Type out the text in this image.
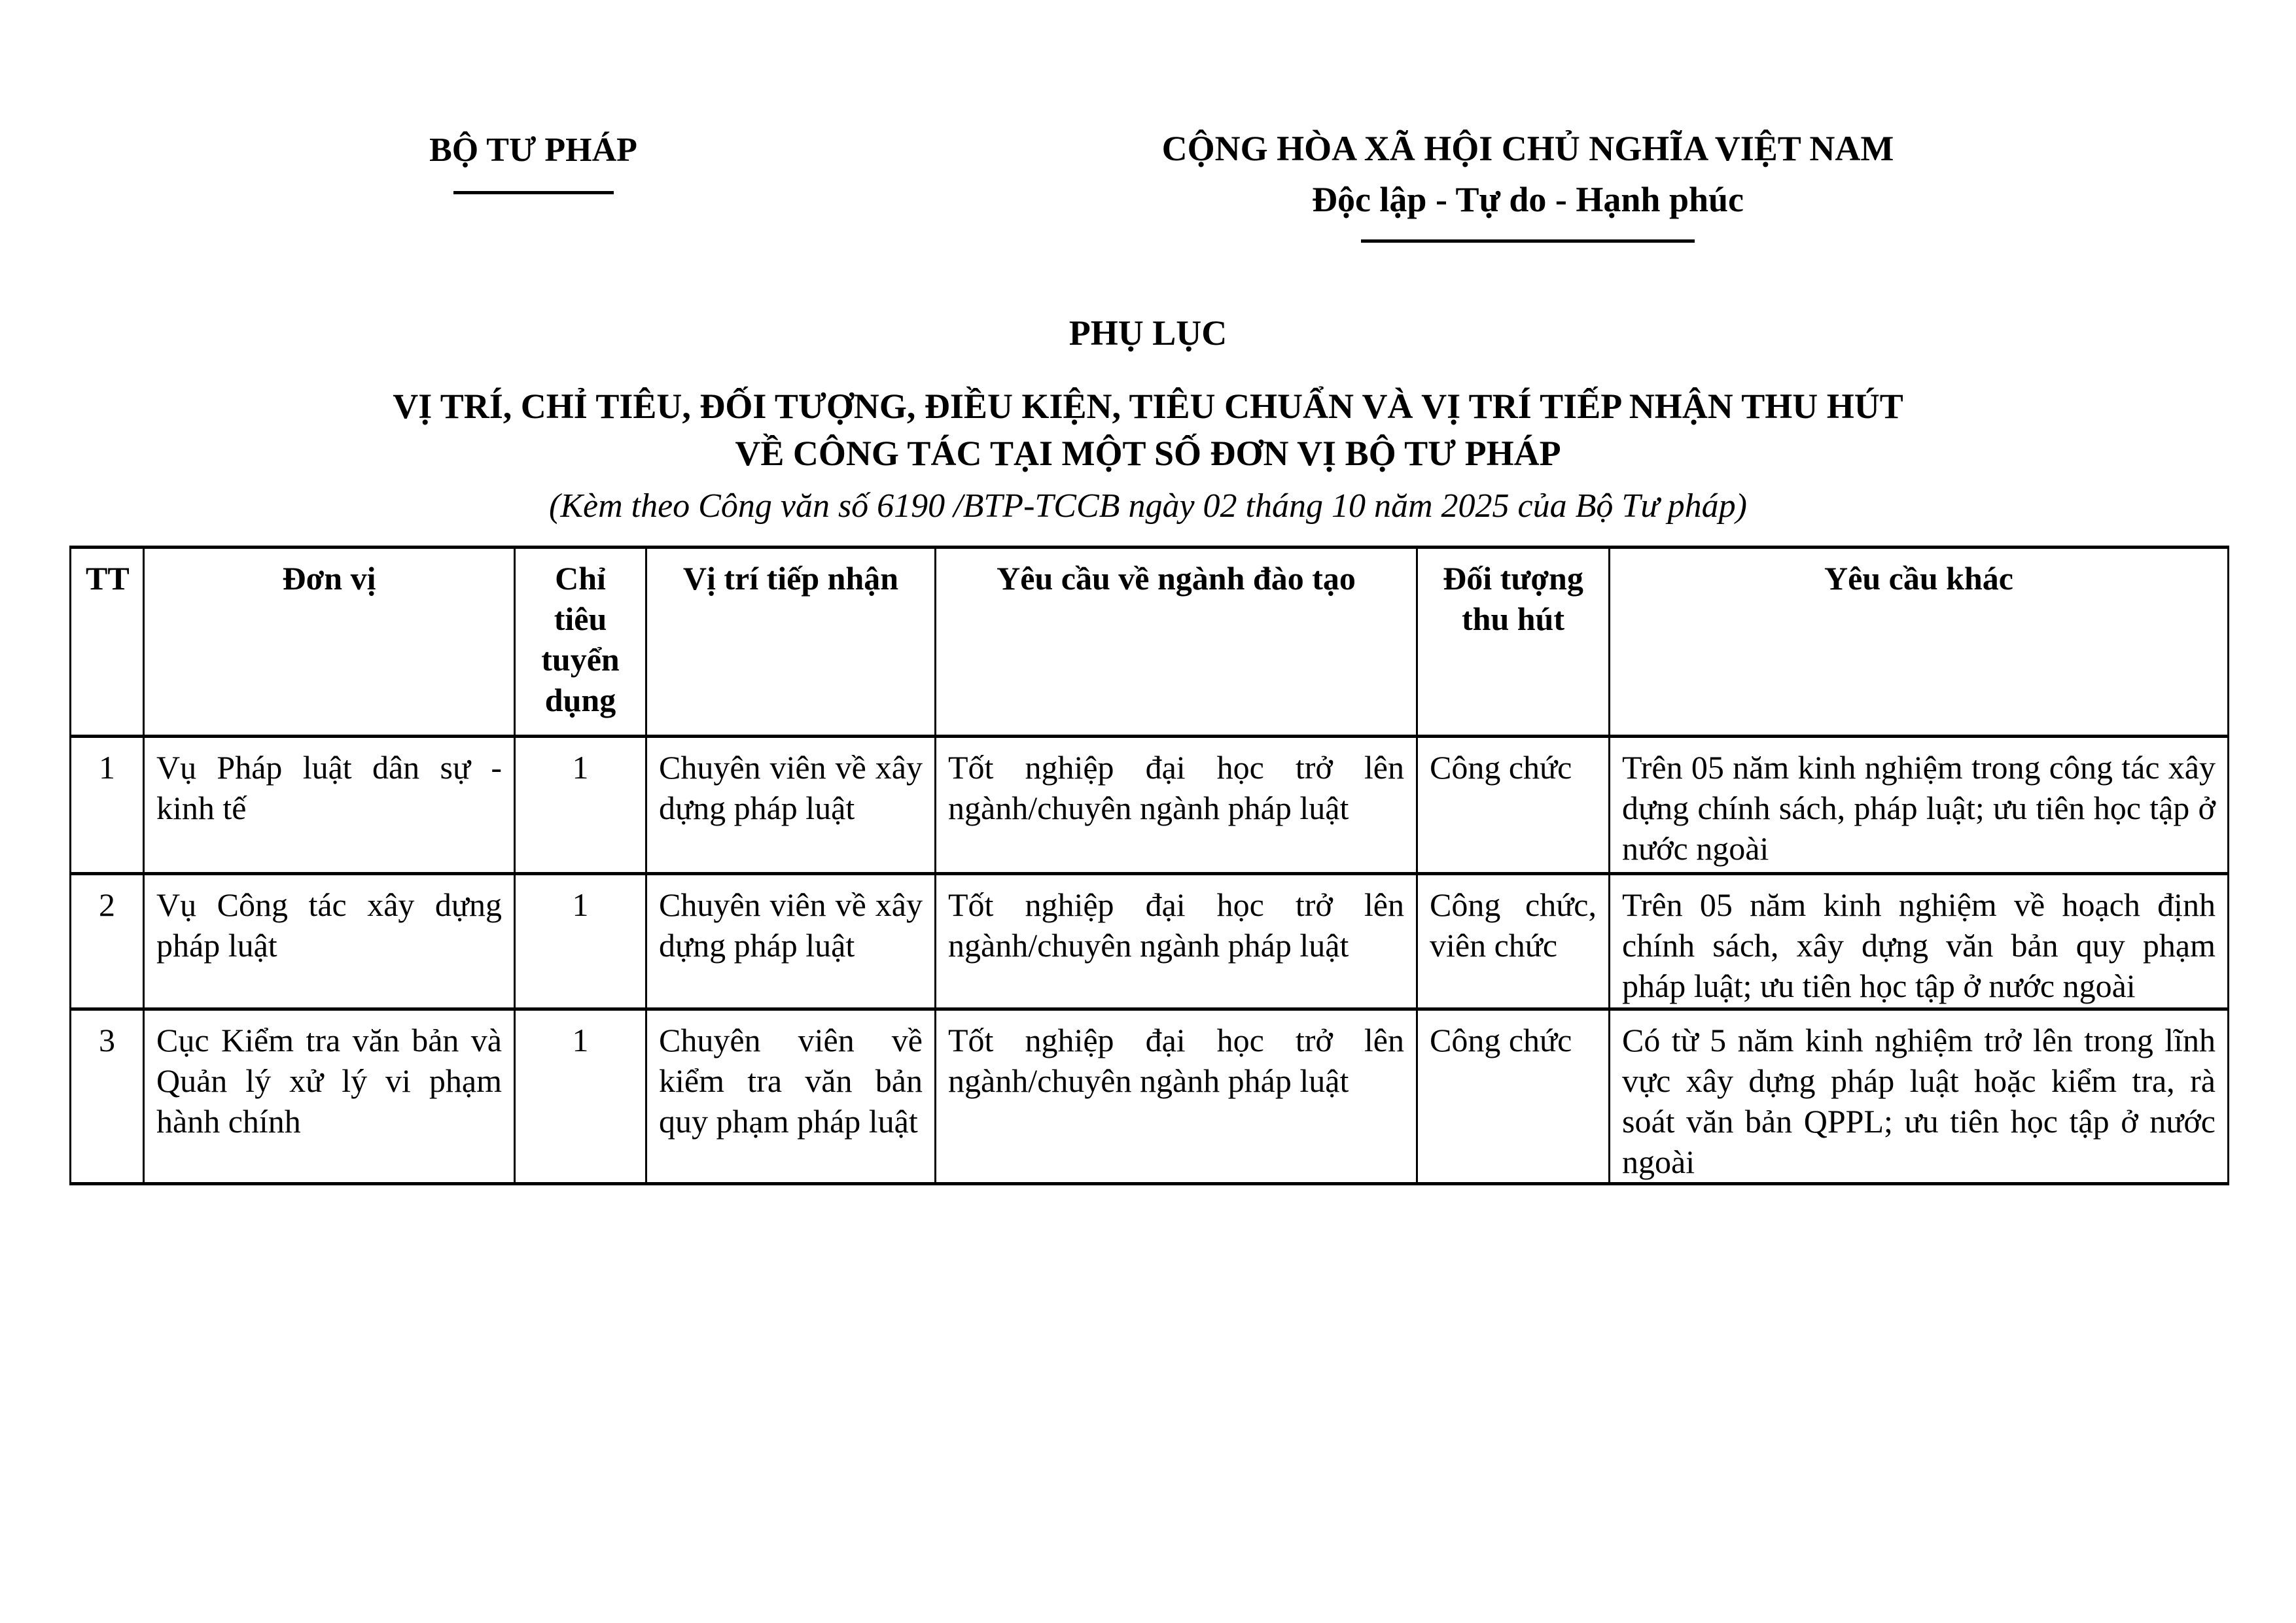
BỘ TƯ PHÁP	CỘNG HÒA XÃ HỘI CHỦ NGHĨA VIỆT NAM
Độc lập - Tự do - Hạnh phúc
PHỤ LỤC
VỊ TRÍ, CHỈ TIÊU, ĐỐI TƯỢNG, ĐIỀU KIỆN, TIÊU CHUẨN VÀ VỊ TRÍ TIẾP NHẬN THU HÚT
VỀ CÔNG TÁC TẠI MỘT SỐ ĐƠN VỊ BỘ TƯ PHÁP
(Kèm theo Công văn số 6190 /BTP-TCCB ngày 02 tháng 10 năm 2025 của Bộ Tư pháp)
TT	Đơn vị	Chỉ tiêu tuyển dụng	Vị trí tiếp nhận	Yêu cầu về ngành đào tạo	Đối tượng thu hút	Yêu cầu khác
1	Vụ Pháp luật dân sự - kinh tế	1	Chuyên viên về xây dựng pháp luật	Tốt nghiệp đại học trở lên ngành/chuyên ngành pháp luật	Công chức	Trên 05 năm kinh nghiệm trong công tác xây dựng chính sách, pháp luật; ưu tiên học tập ở nước ngoài
2	Vụ Công tác xây dựng pháp luật	1	Chuyên viên về xây dựng pháp luật	Tốt nghiệp đại học trở lên ngành/chuyên ngành pháp luật	Công chức, viên chức	Trên 05 năm kinh nghiệm về hoạch định chính sách, xây dựng văn bản quy phạm pháp luật; ưu tiên học tập ở nước ngoài
3	Cục Kiểm tra văn bản và Quản lý xử lý vi phạm hành chính	1	Chuyên viên về kiểm tra văn bản quy phạm pháp luật	Tốt nghiệp đại học trở lên ngành/chuyên ngành pháp luật	Công chức	Có từ 5 năm kinh nghiệm trở lên trong lĩnh vực xây dựng pháp luật hoặc kiểm tra, rà soát văn bản QPPL; ưu tiên học tập ở nước ngoài
